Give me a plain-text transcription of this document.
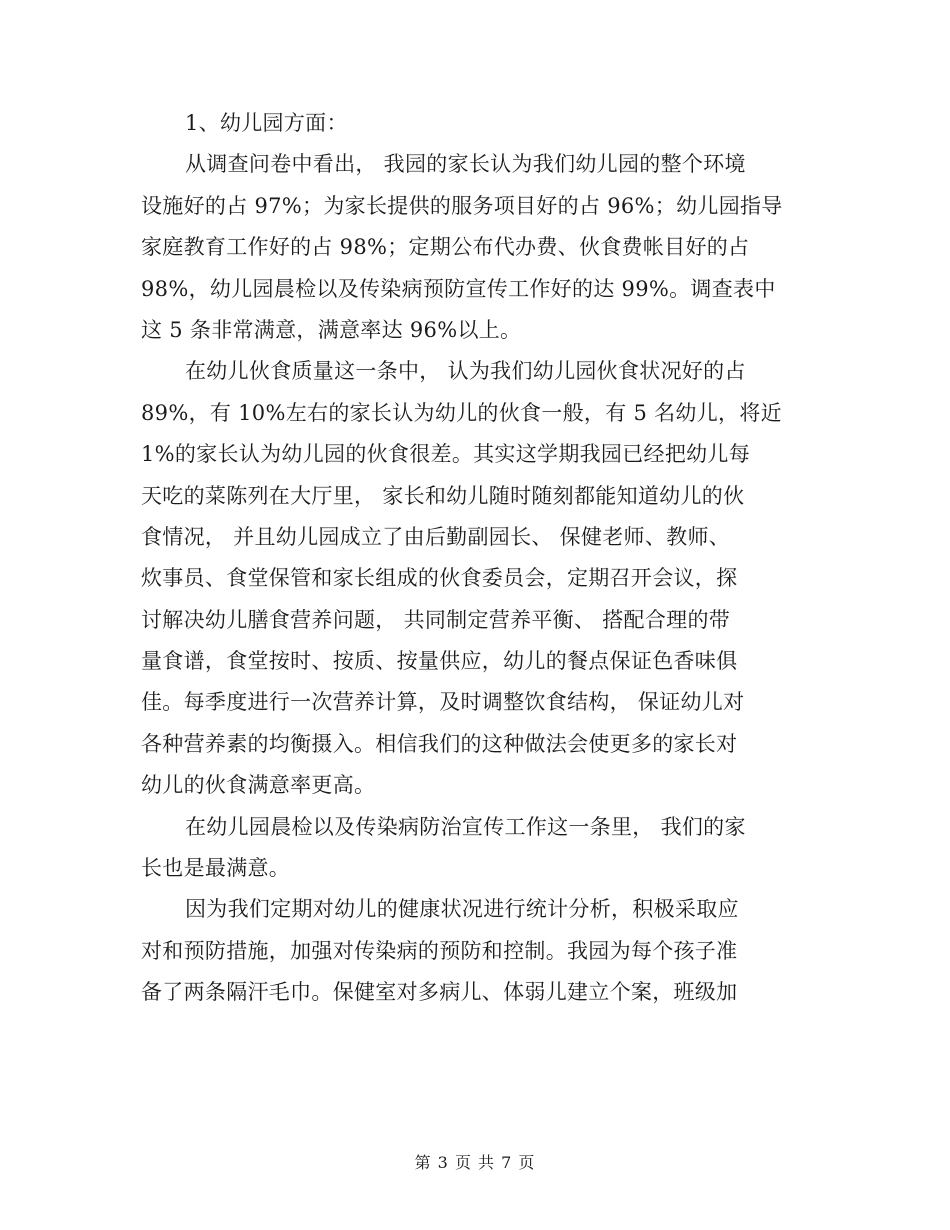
1、幼儿园方面：
从调查问卷中看出， 我园的家长认为我们幼儿园的整个环境
设施好的占 97%；为家长提供的服务项目好的占 96%；幼儿园指导
家庭教育工作好的占 98%；定期公布代办费、伙食费帐目好的占
98%，幼儿园晨检以及传染病预防宣传工作好的达 99%。调查表中
这 5 条非常满意，满意率达 96%以上。
在幼儿伙食质量这一条中， 认为我们幼儿园伙食状况好的占
89%，有 10%左右的家长认为幼儿的伙食一般，有 5 名幼儿，将近
1%的家长认为幼儿园的伙食很差。其实这学期我园已经把幼儿每
天吃的菜陈列在大厅里， 家长和幼儿随时随刻都能知道幼儿的伙
食情况， 并且幼儿园成立了由后勤副园长、 保健老师、教师、
炊事员、食堂保管和家长组成的伙食委员会，定期召开会议，探
讨解决幼儿膳食营养问题， 共同制定营养平衡、 搭配合理的带
量食谱，食堂按时、按质、按量供应，幼儿的餐点保证色香味俱
佳。每季度进行一次营养计算，及时调整饮食结构， 保证幼儿对
各种营养素的均衡摄入。相信我们的这种做法会使更多的家长对
幼儿的伙食满意率更高。
在幼儿园晨检以及传染病防治宣传工作这一条里， 我们的家
长也是最满意。
因为我们定期对幼儿的健康状况进行统计分析，积极采取应
对和预防措施，加强对传染病的预防和控制。我园为每个孩子准
备了两条隔汗毛巾。保健室对多病儿、体弱儿建立个案，班级加
第 3 页 共 7 页
